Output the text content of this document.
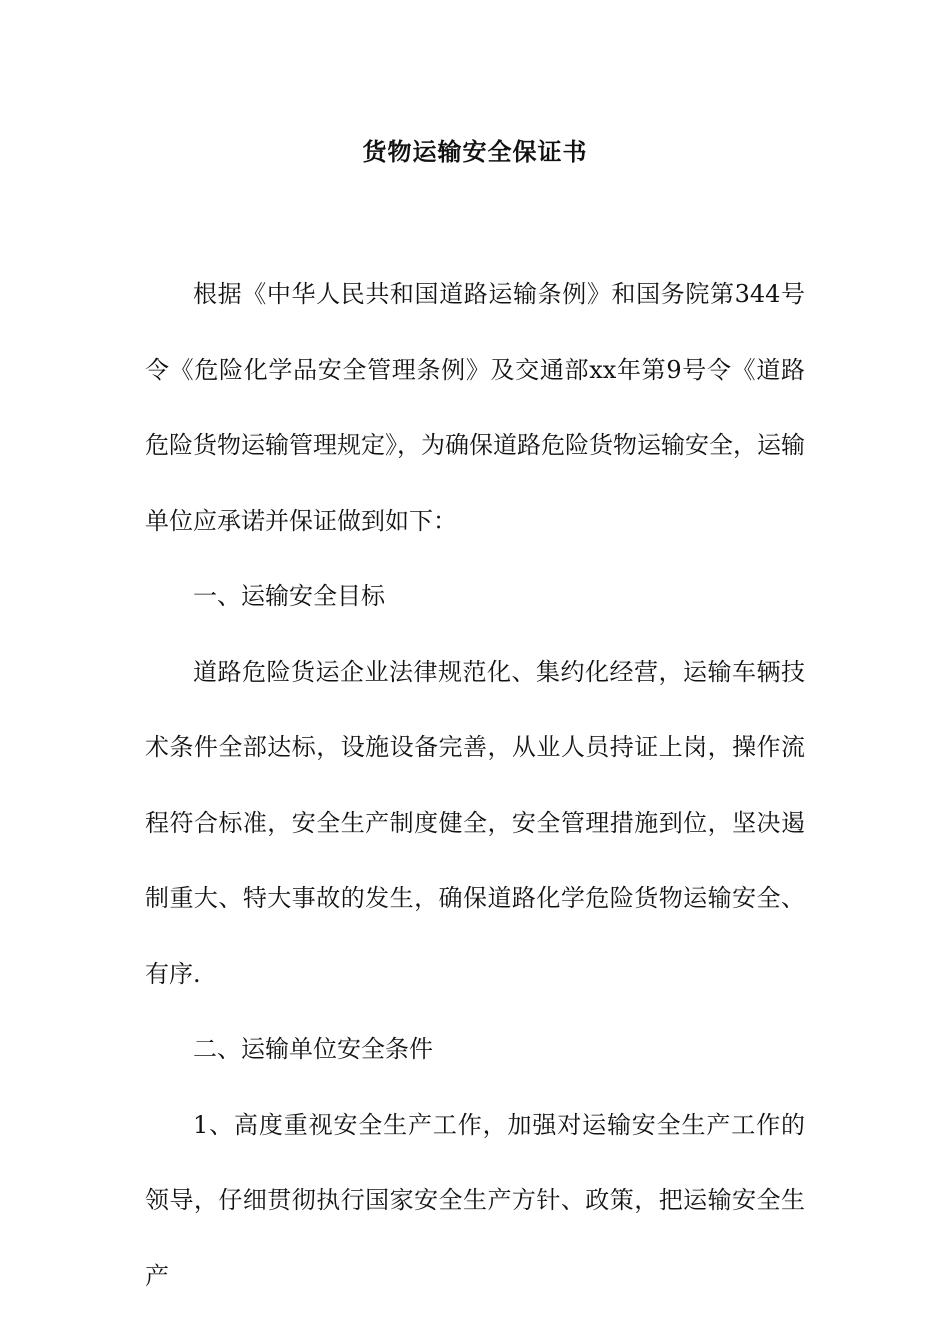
货物运输安全保证书

根据《中华人民共和国道路运输条例》和国务院第344号令《危险化学品安全管理条例》及交通部xx年第9号令《道路危险货物运输管理规定》，为确保道路危险货物运输安全，运输单位应承诺并保证做到如下：

一、运输安全目标

道路危险货运企业法律规范化、集约化经营，运输车辆技术条件全部达标，设施设备完善，从业人员持证上岗，操作流程符合标准，安全生产制度健全，安全管理措施到位，坚决遏制重大、特大事故的发生，确保道路化学危险货物运输安全、有序.

二、运输单位安全条件

1、高度重视安全生产工作，加强对运输安全生产工作的领导，仔细贯彻执行国家安全生产方针、政策，把运输安全生产
